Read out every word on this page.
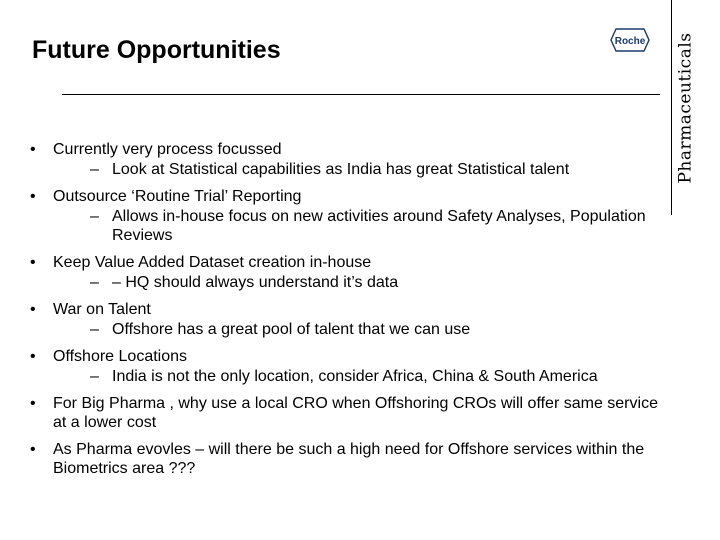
Future Opportunities	Roche Pharmaceuticals
•	Currently very process focussed
– Look at Statistical capabilities as India has great Statistical talent
•	Outsource ‘Routine Trial’ Reporting
– Allows in-house focus on new activities around Safety Analyses, Population Reviews
•	Keep Value Added Dataset creation in-house
– – HQ should always understand it’s data
•	War on Talent
– Offshore has a great pool of talent that we can use
•	Offshore Locations
– India is not the only location, consider Africa, China & South America
•	For Big Pharma , why use a local CRO when Offshoring CROs will offer same service at a lower cost
•	As Pharma evovles – will there be such a high need for Offshore services within the Biometrics area ???
